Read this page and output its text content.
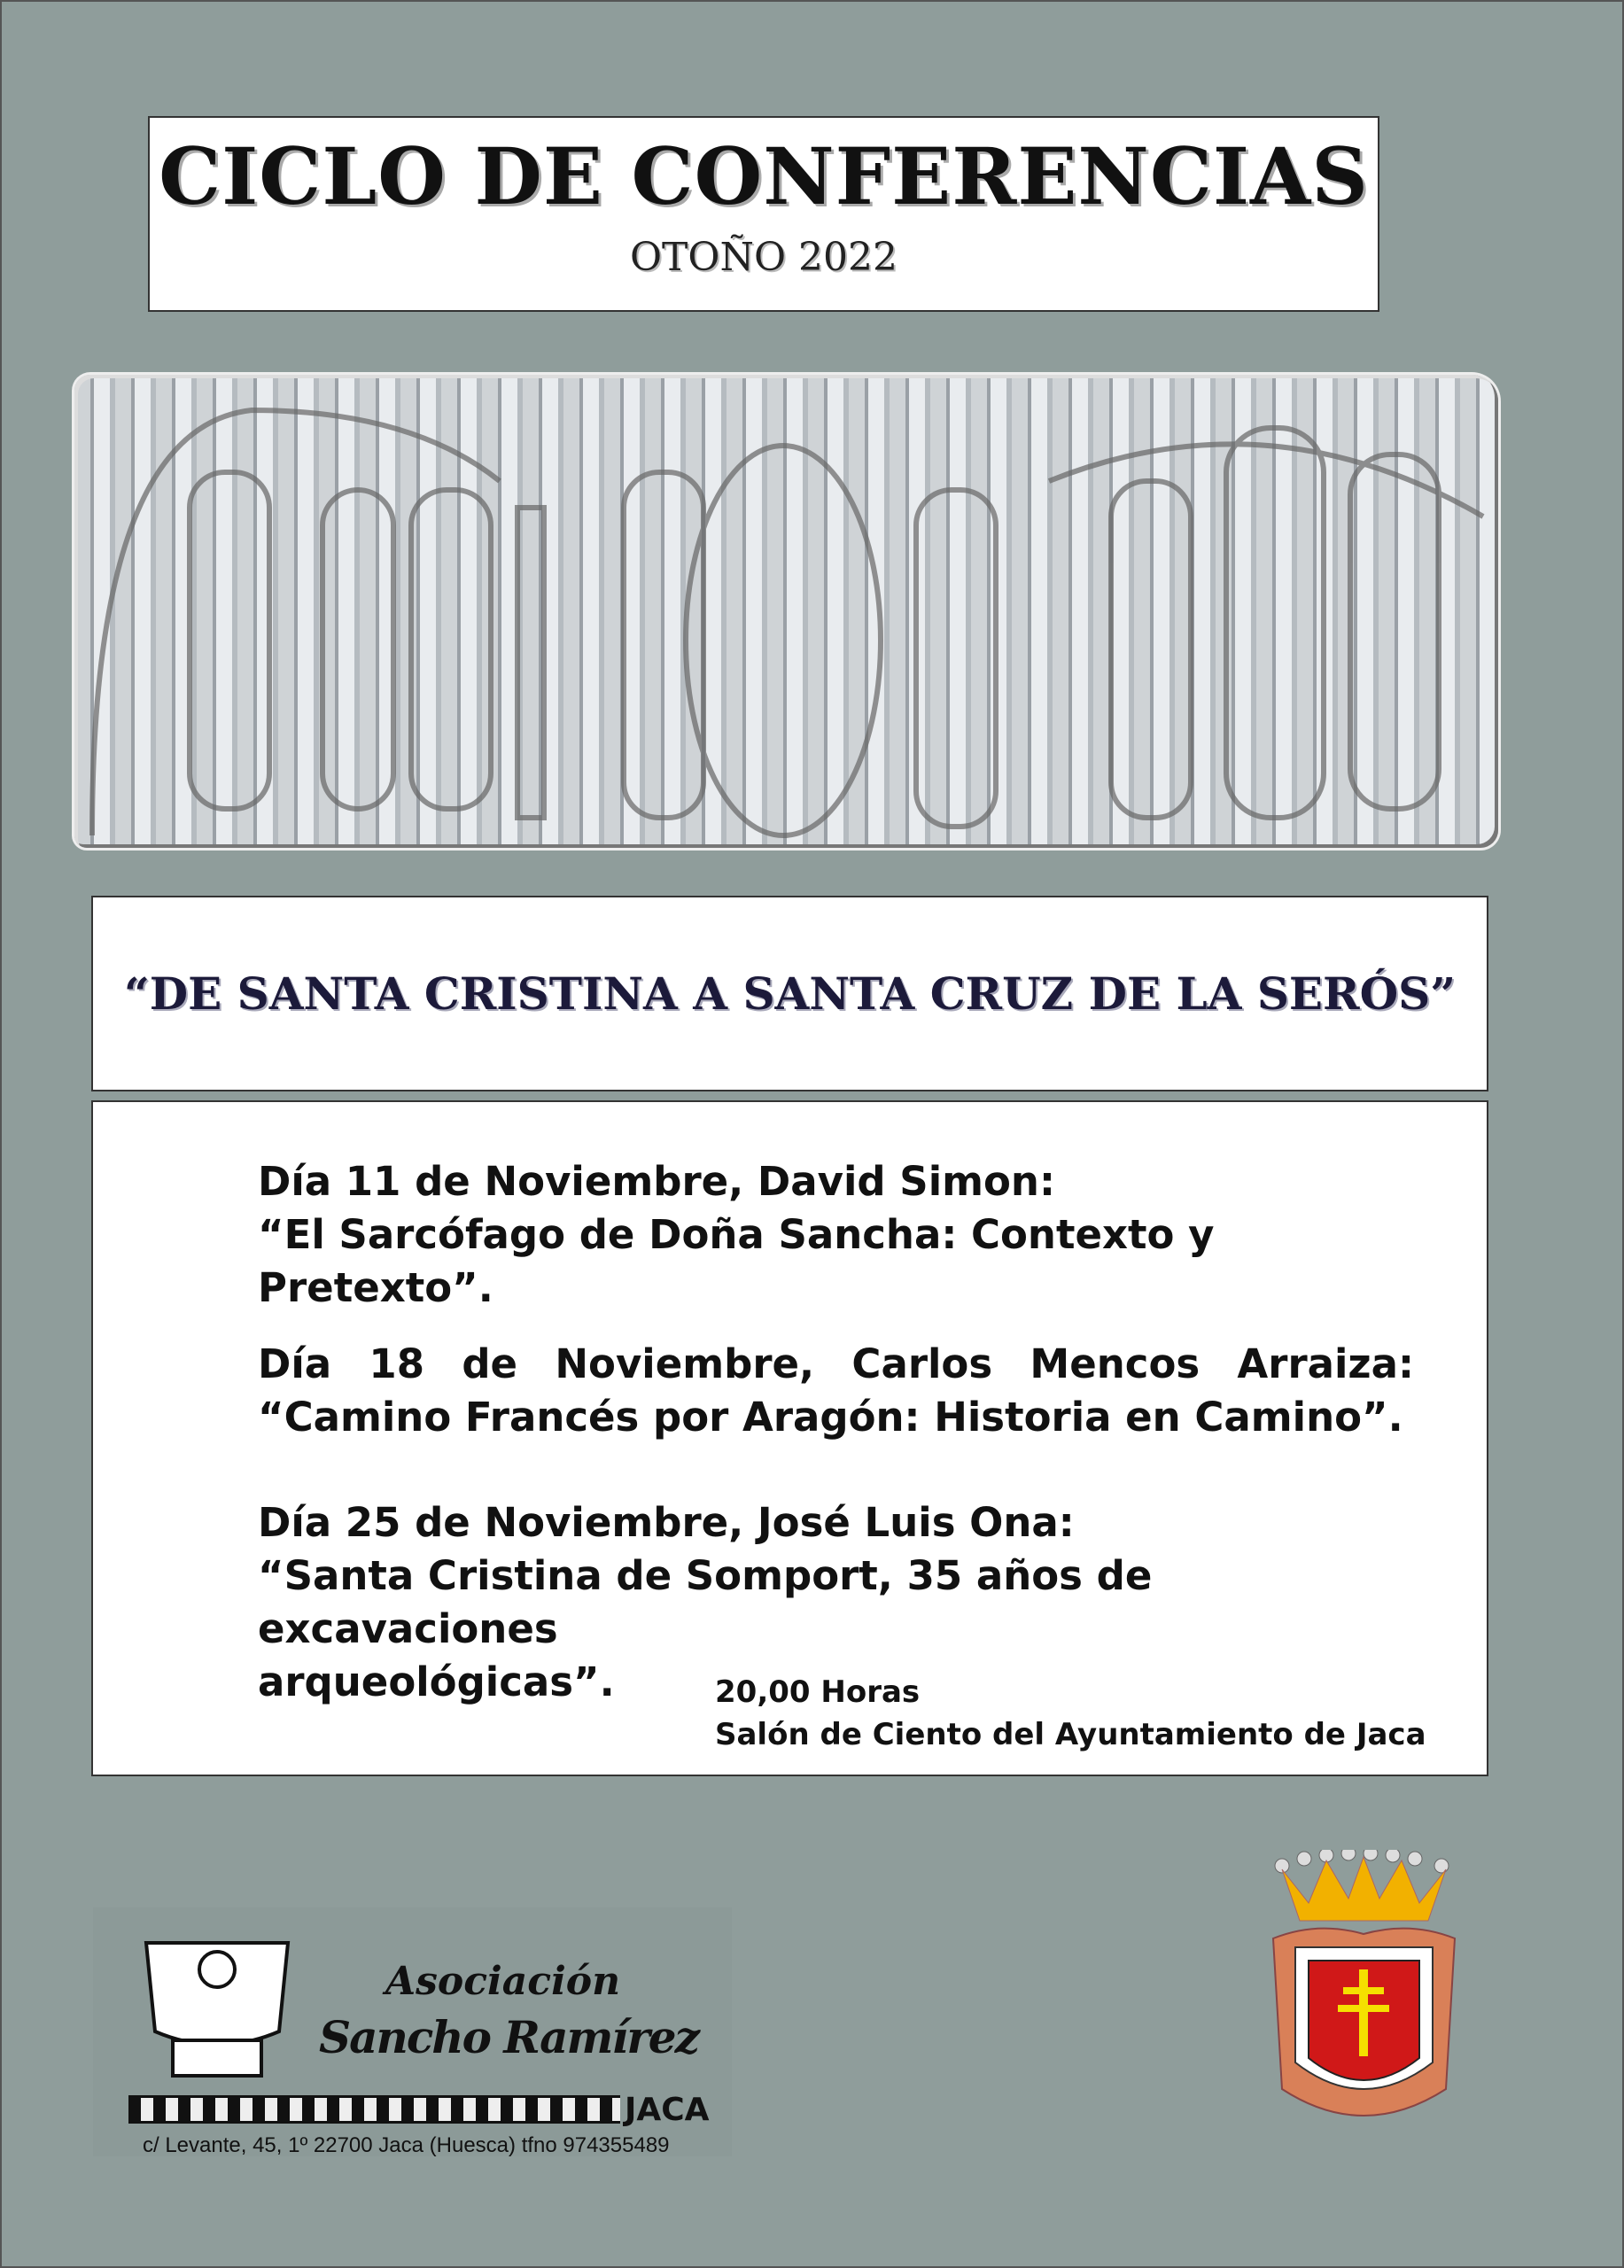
CICLO DE CONFERENCIAS
OTOÑO 2022
“DE SANTA CRISTINA A SANTA CRUZ DE LA SERÓS”
Día 11 de Noviembre, David Simon:
“El Sarcófago de Doña Sancha: Contexto y Pretexto”.
Día 18 de Noviembre, Carlos Mencos Arraiza:
“Camino Francés por Aragón: Historia en Camino”.
Día 25 de Noviembre, José Luis Ona:
“Santa Cristina de Somport, 35 años de excavaciones
arqueológicas”.	20,00 Horas
Salón de Ciento del Ayuntamiento de Jaca
JACA
c/ Levante, 45, 1º 22700 Jaca (Huesca) tfno 974355489
Asociación
Sancho Ramírez
